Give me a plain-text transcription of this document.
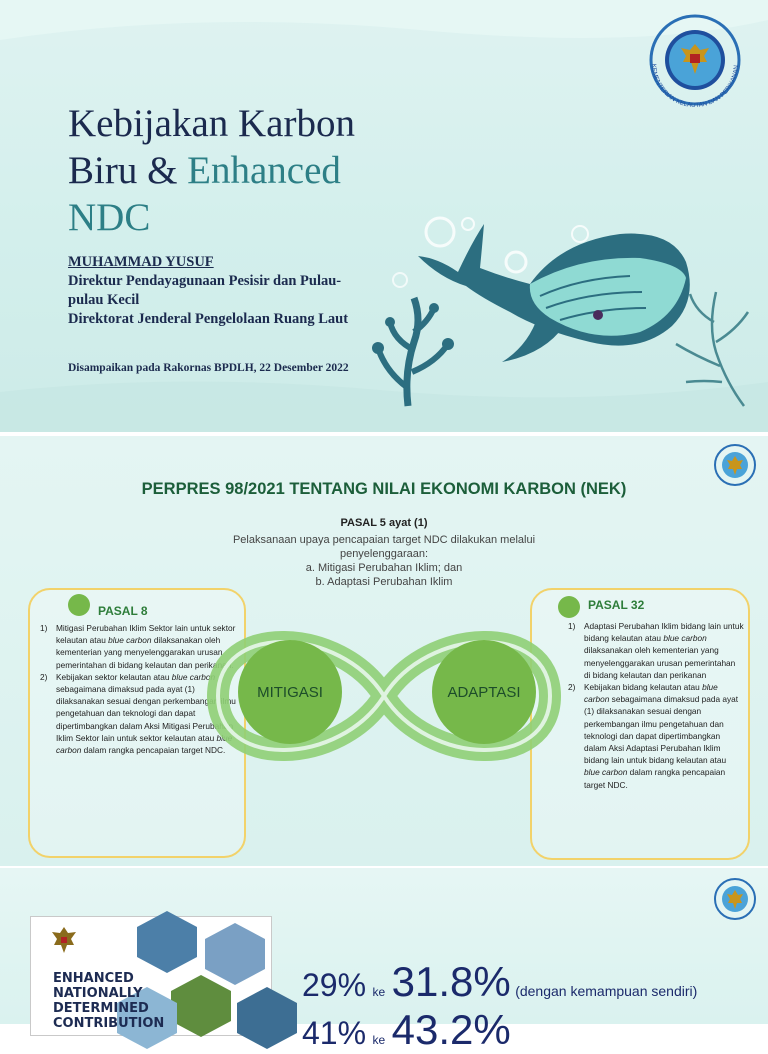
Kebijakan Karbon
Biru & Enhanced
NDC
MUHAMMAD YUSUF
Direktur Pendayagunaan Pesisir dan Pulau-
pulau Kecil
Direktorat Jenderal Pengelolaan Ruang Laut
Disampaikan pada Rakornas BPDLH, 22 Desember 2022
KEMENTERIAN KELAUTAN DAN PERIKANAN
PERPRES 98/2021 TENTANG NILAI EKONOMI KARBON (NEK)
PASAL 5 ayat (1)
Pelaksanaan upaya pencapaian target NDC dilakukan melalui
penyelenggaraan:
a. Mitigasi Perubahan Iklim; dan
b. Adaptasi Perubahan Iklim
PASAL 8
1) Mitigasi Perubahan Iklim Sektor lain untuk sektor kelautan atau blue carbon dilaksanakan oleh kementerian yang menyelenggarakan urusan pemerintahan di bidang kelautan dan perikanan.
2) Kebijakan sektor kelautan atau blue carbon sebagaimana dimaksud pada ayat (1) dilaksanakan sesuai dengan perkembangan ilmu pengetahuan dan teknologi dan dapat dipertimbangkan dalam Aksi Mitigasi Perubahan Iklim Sektor lain untuk sektor kelautan atau blue carbon dalam rangka pencapaian target NDC.
PASAL 32
1) Adaptasi Perubahan Iklim bidang lain untuk bidang kelautan atau blue carbon dilaksanakan oleh kementerian yang menyelenggarakan urusan pemerintahan di bidang kelautan dan perikanan
2) Kebijakan bidang kelautan atau blue carbon sebagaimana dimaksud pada ayat (1) dilaksanakan sesuai dengan perkembangan ilmu pengetahuan dan teknologi dan dapat dipertimbangkan dalam Aksi Adaptasi Perubahan Iklim bidang lain untuk bidang kelautan atau blue carbon dalam rangka pencapaian target NDC.
MITIGASI	ADAPTASI
ENHANCED
NATIONALLY
DETERMINED
CONTRIBUTION
29% ke 31.8% (dengan kemampuan sendiri)
41% ke 43.2%
